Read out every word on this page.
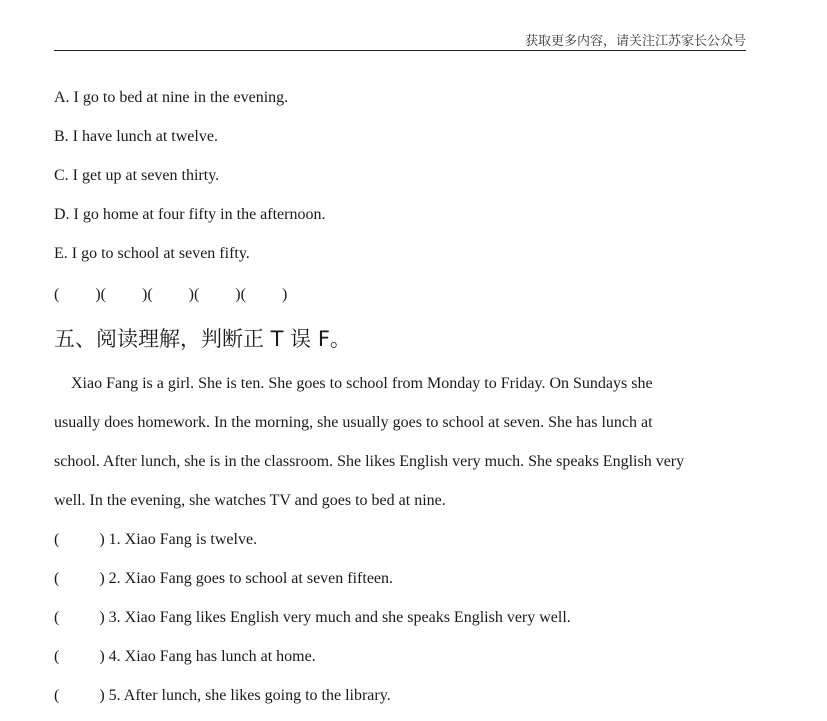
获取更多内容，请关注江苏家长公众号
A. I go to bed at nine in the evening.
B. I have lunch at twelve.
C. I get up at seven thirty.
D. I go home at four fifty in the afternoon.
E. I go to school at seven fifty.
( )( )( )( )( )
五、阅读理解，判断正 T 误 F。
Xiao Fang is a girl. She is ten. She goes to school from Monday to Friday. On Sundays she
usually does homework. In the morning, she usually goes to school at seven. She has lunch at
school. After lunch, she is in the classroom. She likes English very much. She speaks English very
well. In the evening, she watches TV and goes to bed at nine.
(	) 1. Xiao Fang is twelve.
(	) 2. Xiao Fang goes to school at seven fifteen.
(	) 3. Xiao Fang likes English very much and she speaks English very well.
(	) 4. Xiao Fang has lunch at home.
(	) 5. After lunch, she likes going to the library.
